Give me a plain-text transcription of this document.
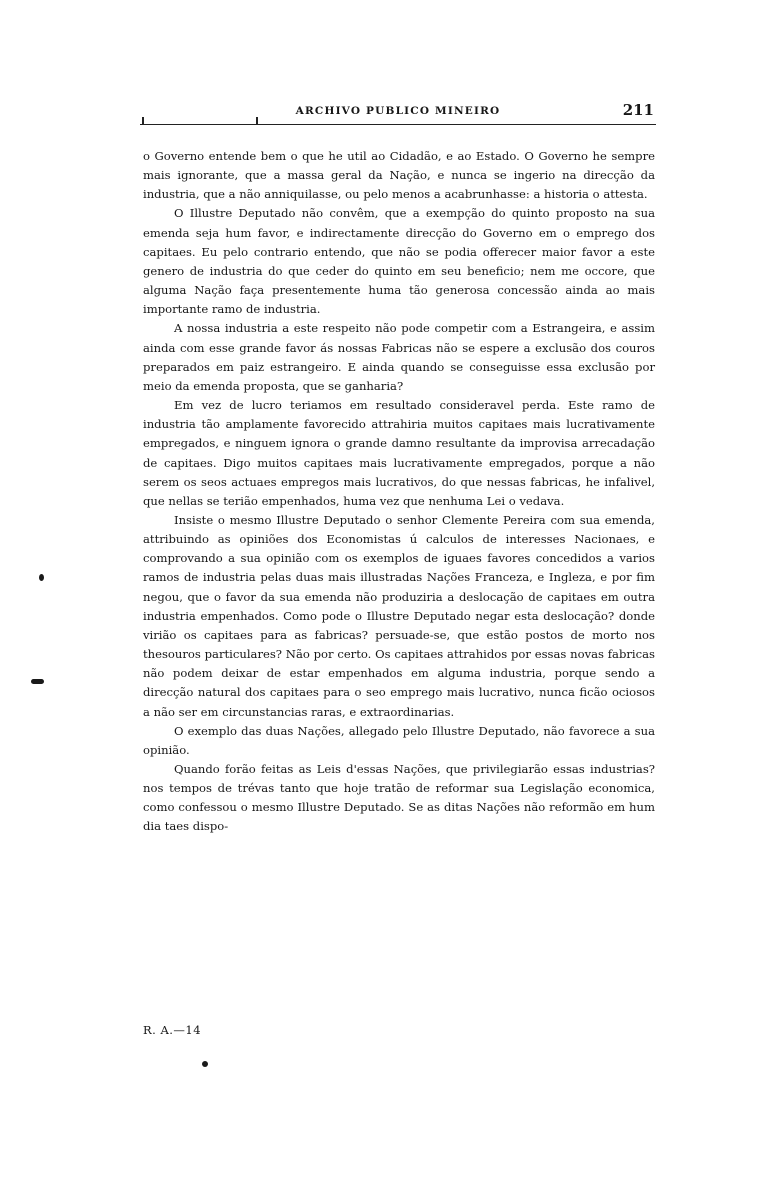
ARCHIVO PUBLICO MINEIRO	211

o Governo entende bem o que he util ao Cidadão, e ao Estado. O Governo he sempre mais ignorante, que a massa geral da Nação, e nunca se ingerio na direcção da industria, que a não anniquilasse, ou pelo menos a acabrunhasse: a historia o attesta.

O Illustre Deputado não convêm, que a exempção do quinto proposto na sua emenda seja hum favor, e indirectamente direcção do Governo em o emprego dos capitaes. Eu pelo contrario entendo, que não se podia offerecer maior favor a este genero de industria do que ceder do quinto em seu beneficio; nem me occore, que alguma Nação faça presentemente huma tão generosa concessão ainda ao mais importante ramo de industria.

A nossa industria a este respeito não pode competir com a Estrangeira, e assim ainda com esse grande favor ás nossas Fabricas não se espere a exclusão dos couros preparados em paiz estrangeiro. E ainda quando se conseguisse essa exclusão por meio da emenda proposta, que se ganharia?

Em vez de lucro teriamos em resultado consideravel perda. Este ramo de industria tão amplamente favorecido attrahiria muitos capitaes mais lucrativamente empregados, e ninguem ignora o grande damno resultante da improvisa arrecadação de capitaes. Digo muitos capitaes mais lucrativamente empregados, porque a não serem os seos actuaes empregos mais lucrativos, do que nessas fabricas, he infalivel, que nellas se terião empenhados, huma vez que nenhuma Lei o vedava.

Insiste o mesmo Illustre Deputado o senhor Clemente Pereira com sua emenda, attribuindo as opiniões dos Economistas ú calculos de interesses Nacionaes, e comprovando a sua opinião com os exemplos de iguaes favores concedidos a varios ramos de industria pelas duas mais illustradas Nações Franceza, e Ingleza, e por fim negou, que o favor da sua emenda não produziria a deslocação de capitaes em outra industria empenhados. Como pode o Illustre Deputado negar esta deslocação? donde virião os capitaes para as fabricas? persuade-se, que estão postos de morto nos thesouros particulares? Não por certo. Os capitaes attrahidos por essas novas fabricas não podem deixar de estar empenhados em alguma industria, porque sendo a direcção natural dos capitaes para o seo emprego mais lucrativo, nunca ficão ociosos a não ser em circunstancias raras, e extraordinarias.

O exemplo das duas Nações, allegado pelo Illustre Deputado, não favorece a sua opinião.

Quando forão feitas as Leis d'essas Nações, que privilegiarão essas industrias? nos tempos de trévas tanto que hoje tratão de reformar sua Legislação economica, como confessou o mesmo Illustre Deputado. Se as ditas Nações não reformão em hum dia taes dispo-

R. A.—14
